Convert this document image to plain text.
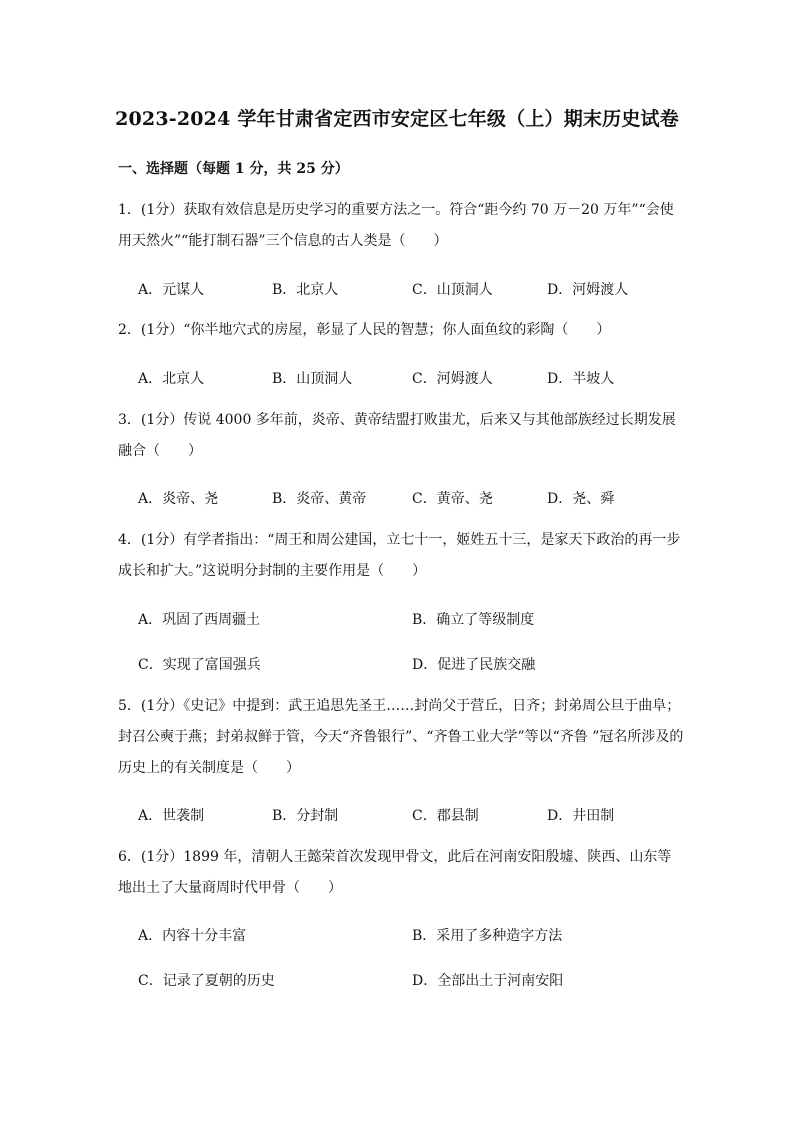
2023-2024 学年甘肃省定西市安定区七年级（上）期末历史试卷
一、选择题（每题 1 分，共 25 分）
1．(1分）获取有效信息是历史学习的重要方法之一。符合“距今约 70 万－20 万年”“会使用天然火”“能打制石器”三个信息的古人类是（　　）
A．元谋人	B．北京人	C．山顶洞人	D．河姆渡人
2．(1分）“你半地穴式的房屋，彰显了人民的智慧；你人面鱼纹的彩陶（　　）
A．北京人	B．山顶洞人	C．河姆渡人	D．半坡人
3．(1分）传说 4000 多年前，炎帝、黄帝结盟打败蚩尤，后来又与其他部族经过长期发展融合（　　）
A．炎帝、尧	B．炎帝、黄帝	C．黄帝、尧	D．尧、舜
4．(1分）有学者指出：“周王和周公建国，立七十一，姬姓五十三，是家天下政治的再一步成长和扩大。”这说明分封制的主要作用是（　　）
A．巩固了西周疆土	B．确立了等级制度
C．实现了富国强兵	D．促进了民族交融
5．(1分）《史记》中提到：武王追思先圣王……封尚父于营丘，日齐；封弟周公旦于曲阜；封召公奭于燕；封弟叔鲜于管，今天“齐鲁银行”、“齐鲁工业大学”等以“齐鲁 ”冠名所涉及的历史上的有关制度是（　　）
A．世袭制	B．分封制	C．郡县制	D．井田制
6．(1分）1899 年，清朝人王懿荣首次发现甲骨文，此后在河南安阳殷墟、陕西、山东等地出土了大量商周时代甲骨（　　）
A．内容十分丰富	B．采用了多种造字方法
C．记录了夏朝的历史	D．全部出土于河南安阳
